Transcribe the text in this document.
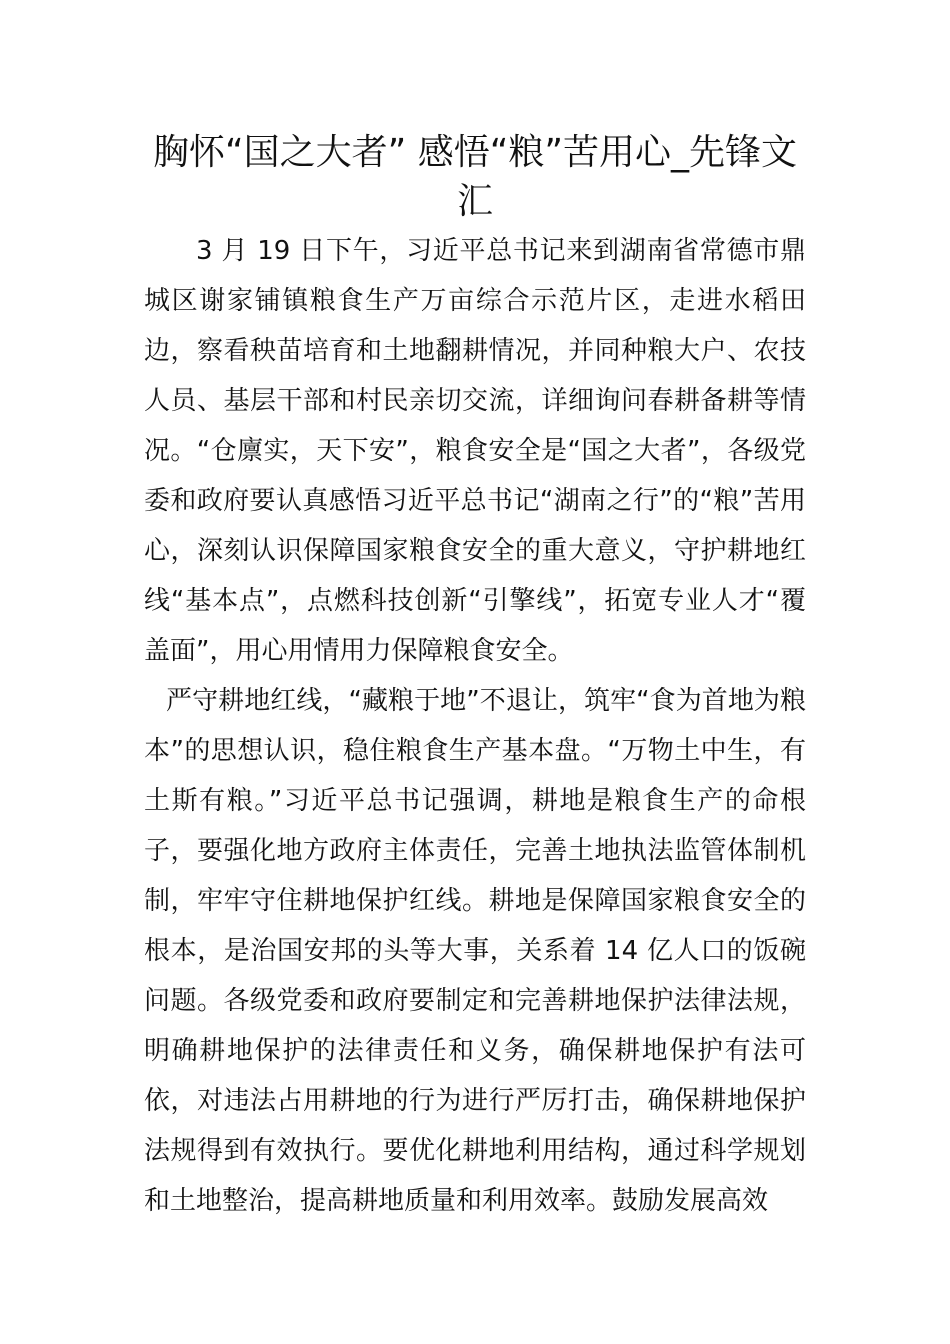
胸怀“国之大者” 感悟“粮”苦用心_先锋文汇

3 月 19 日下午，习近平总书记来到湖南省常德市鼎城区谢家铺镇粮食生产万亩综合示范片区，走进水稻田边，察看秧苗培育和土地翻耕情况，并同种粮大户、农技人员、基层干部和村民亲切交流，详细询问春耕备耕等情况。“仓廪实，天下安”，粮食安全是“国之大者”，各级党委和政府要认真感悟习近平总书记“湖南之行”的“粮”苦用心，深刻认识保障国家粮食安全的重大意义，守护耕地红线“基本点”，点燃科技创新“引擎线”，拓宽专业人才“覆盖面”，用心用情用力保障粮食安全。

严守耕地红线，“藏粮于地”不退让，筑牢“食为首地为粮本”的思想认识，稳住粮食生产基本盘。“万物土中生，有土斯有粮。”习近平总书记强调，耕地是粮食生产的命根子，要强化地方政府主体责任，完善土地执法监管体制机制，牢牢守住耕地保护红线。耕地是保障国家粮食安全的根本，是治国安邦的头等大事，关系着 14 亿人口的饭碗问题。各级党委和政府要制定和完善耕地保护法律法规，明确耕地保护的法律责任和义务，确保耕地保护有法可依，对违法占用耕地的行为进行严厉打击，确保耕地保护法规得到有效执行。要优化耕地利用结构，通过科学规划和土地整治，提高耕地质量和利用效率。鼓励发展高效
